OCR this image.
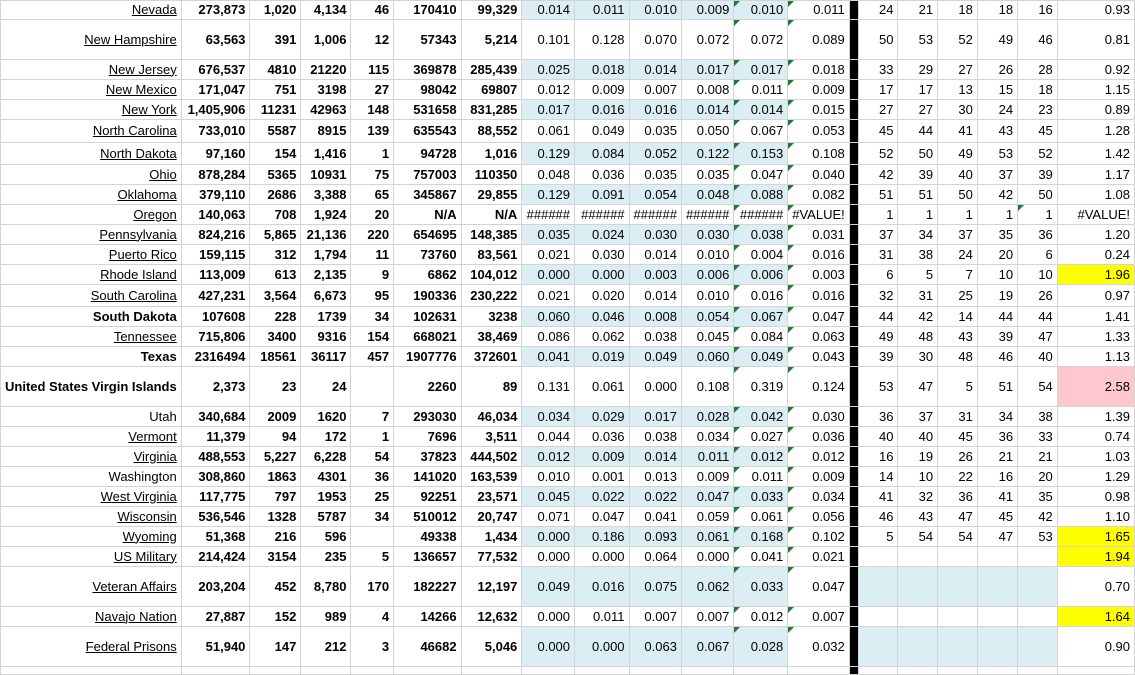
Nevada	273,873	1,020	4,134	46	170410	99,329	0.014	0.011	0.010	0.009	0.010	0.011		24	21	18	18	16	0.93
New Hampshire	63,563	391	1,006	12	57343	5,214	0.101	0.128	0.070	0.072	0.072	0.089		50	53	52	49	46	0.81
New Jersey	676,537	4810	21220	115	369878	285,439	0.025	0.018	0.014	0.017	0.017	0.018		33	29	27	26	28	0.92
New Mexico	171,047	751	3198	27	98042	69807	0.012	0.009	0.007	0.008	0.011	0.009		17	17	13	15	18	1.15
New York	1,405,906	11231	42963	148	531658	831,285	0.017	0.016	0.016	0.014	0.014	0.015		27	27	30	24	23	0.89
North Carolina	733,010	5587	8915	139	635543	88,552	0.061	0.049	0.035	0.050	0.067	0.053		45	44	41	43	45	1.28
North Dakota	97,160	154	1,416	1	94728	1,016	0.129	0.084	0.052	0.122	0.153	0.108		52	50	49	53	52	1.42
Ohio	878,284	5365	10931	75	757003	110350	0.048	0.036	0.035	0.035	0.047	0.040		42	39	40	37	39	1.17
Oklahoma	379,110	2686	3,388	65	345867	29,855	0.129	0.091	0.054	0.048	0.088	0.082		51	51	50	42	50	1.08
Oregon	140,063	708	1,924	20	N/A	N/A	######	######	######	######	######	#VALUE!		1	1	1	1	1	#VALUE!
Pennsylvania	824,216	5,865	21,136	220	654695	148,385	0.035	0.024	0.030	0.030	0.038	0.031		37	34	37	35	36	1.20
Puerto Rico	159,115	312	1,794	11	73760	83,561	0.021	0.030	0.014	0.010	0.004	0.016		31	38	24	20	6	0.24
Rhode Island	113,009	613	2,135	9	6862	104,012	0.000	0.000	0.003	0.006	0.006	0.003		6	5	7	10	10	1.96
South Carolina	427,231	3,564	6,673	95	190336	230,222	0.021	0.020	0.014	0.010	0.016	0.016		32	31	25	19	26	0.97
South Dakota	107608	228	1739	34	102631	3238	0.060	0.046	0.008	0.054	0.067	0.047		44	42	14	44	44	1.41
Tennessee	715,806	3400	9316	154	668021	38,469	0.086	0.062	0.038	0.045	0.084	0.063		49	48	43	39	47	1.33
Texas	2316494	18561	36117	457	1907776	372601	0.041	0.019	0.049	0.060	0.049	0.043		39	30	48	46	40	1.13
United States Virgin Islands	2,373	23	24		2260	89	0.131	0.061	0.000	0.108	0.319	0.124		53	47	5	51	54	2.58
Utah	340,684	2009	1620	7	293030	46,034	0.034	0.029	0.017	0.028	0.042	0.030		36	37	31	34	38	1.39
Vermont	11,379	94	172	1	7696	3,511	0.044	0.036	0.038	0.034	0.027	0.036		40	40	45	36	33	0.74
Virginia	488,553	5,227	6,228	54	37823	444,502	0.012	0.009	0.014	0.011	0.012	0.012		16	19	26	21	21	1.03
Washington	308,860	1863	4301	36	141020	163,539	0.010	0.001	0.013	0.009	0.011	0.009		14	10	22	16	20	1.29
West Virginia	117,775	797	1953	25	92251	23,571	0.045	0.022	0.022	0.047	0.033	0.034		41	32	36	41	35	0.98
Wisconsin	536,546	1328	5787	34	510012	20,747	0.071	0.047	0.041	0.059	0.061	0.056		46	43	47	45	42	1.10
Wyoming	51,368	216	596		49338	1,434	0.000	0.186	0.093	0.061	0.168	0.102		5	54	54	47	53	1.65
US Military	214,424	3154	235	5	136657	77,532	0.000	0.000	0.064	0.000	0.041	0.021							1.94
Veteran Affairs	203,204	452	8,780	170	182227	12,197	0.049	0.016	0.075	0.062	0.033	0.047							0.70
Navajo Nation	27,887	152	989	4	14266	12,632	0.000	0.011	0.007	0.007	0.012	0.007							1.64
Federal Prisons	51,940	147	212	3	46682	5,046	0.000	0.000	0.063	0.067	0.028	0.032							0.90
